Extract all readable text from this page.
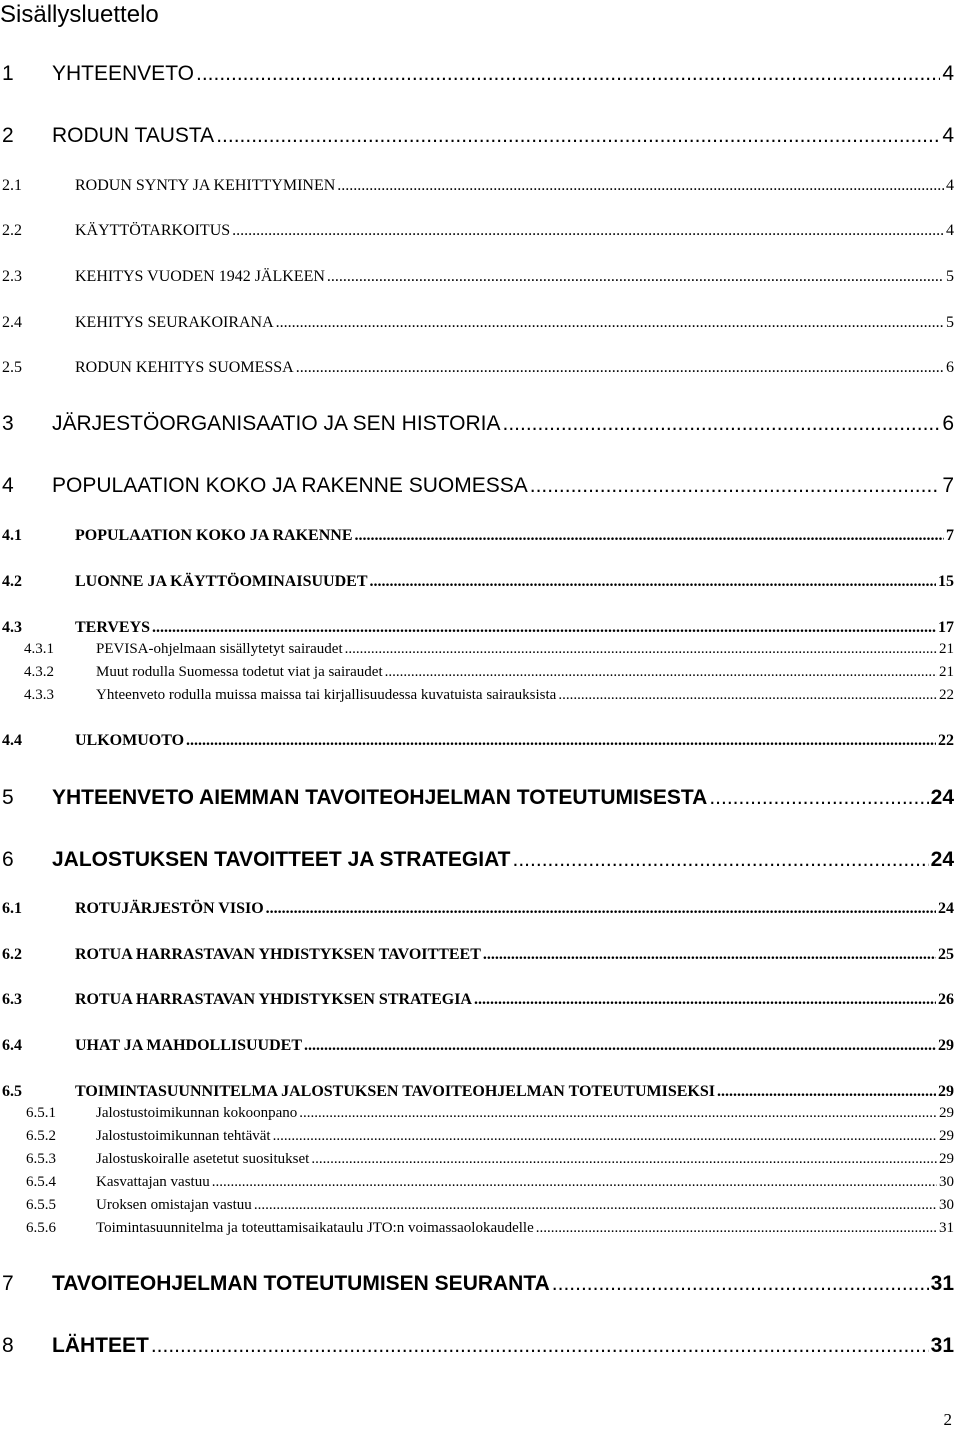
Sisällysluettelo
1	YHTEENVETO .....	4
2	RODUN TAUSTA .....	4
2.1	RODUN SYNTY JA KEHITTYMINEN .....	4
2.2	KÄYTTÖTARKOITUS .....	4
2.3	KEHITYS VUODEN 1942 JÄLKEEN .....	5
2.4	KEHITYS SEURAKOIRANA .....	5
2.5	RODUN KEHITYS SUOMESSA .....	6
3	JÄRJESTÖORGANISAATIO JA SEN HISTORIA .....	6
4	POPULAATION KOKO JA RAKENNE SUOMESSA .....	7
4.1	POPULAATION KOKO JA RAKENNE .....	7
4.2	LUONNE JA KÄYTTÖOMINAISUUDET .....	15
4.3	TERVEYS .....	17
4.3.1	PEVISA-ohjelmaan sisällytetyt sairaudet .....	21
4.3.2	Muut rodulla Suomessa todetut viat ja sairaudet .....	21
4.3.3	Yhteenveto rodulla muissa maissa tai kirjallisuudessa kuvatuista sairauksista .....	22
4.4	ULKOMUOTO .....	22
5	YHTEENVETO AIEMMAN TAVOITEOHJELMAN TOTEUTUMISESTA .....	24
6	JALOSTUKSEN TAVOITTEET JA STRATEGIAT .....	24
6.1	ROTUJÄRJESTÖN VISIO .....	24
6.2	ROTUA HARRASTAVAN YHDISTYKSEN TAVOITTEET .....	25
6.3	ROTUA HARRASTAVAN YHDISTYKSEN STRATEGIA .....	26
6.4	UHAT JA MAHDOLLISUUDET .....	29
6.5	TOIMINTASUUNNITELMA JALOSTUKSEN TAVOITEOHJELMAN TOTEUTUMISEKSI .....	29
6.5.1	Jalostustoimikunnan kokoonpano .....	29
6.5.2	Jalostustoimikunnan tehtävät .....	29
6.5.3	Jalostuskoiralle asetetut suositukset .....	29
6.5.4	Kasvattajan vastuu .....	30
6.5.5	Uroksen omistajan vastuu .....	30
6.5.6	Toimintasuunnitelma ja toteuttamisaikataulu JTO:n voimassaolokaudelle .....	31
7	TAVOITEOHJELMAN TOTEUTUMISEN SEURANTA .....	31
8	LÄHTEET .....	31
2
